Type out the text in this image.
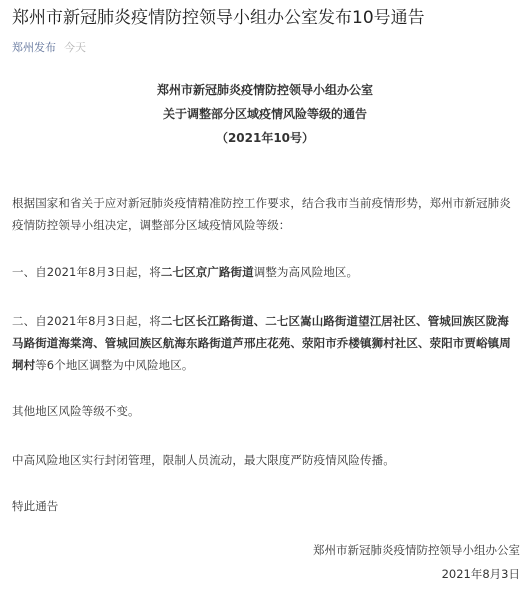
郑州市新冠肺炎疫情防控领导小组办公室发布10号通告
郑州发布 今天
郑州市新冠肺炎疫情防控领导小组办公室
关于调整部分区域疫情风险等级的通告
（2021年10号）
根据国家和省关于应对新冠肺炎疫情精准防控工作要求，结合我市当前疫情形势，郑州市新冠肺炎疫情防控领导小组决定，调整部分区域疫情风险等级：
一、自2021年8月3日起，将二七区京广路街道调整为高风险地区。
二、自2021年8月3日起，将二七区长江路街道、二七区嵩山路街道望江居社区、管城回族区陇海马路街道海棠湾、管城回族区航海东路街道芦邢庄花苑、荥阳市乔楼镇狮村社区、荥阳市贾峪镇周垌村等6个地区调整为中风险地区。
其他地区风险等级不变。
中高风险地区实行封闭管理，限制人员流动，最大限度严防疫情风险传播。
特此通告
郑州市新冠肺炎疫情防控领导小组办公室
2021年8月3日
